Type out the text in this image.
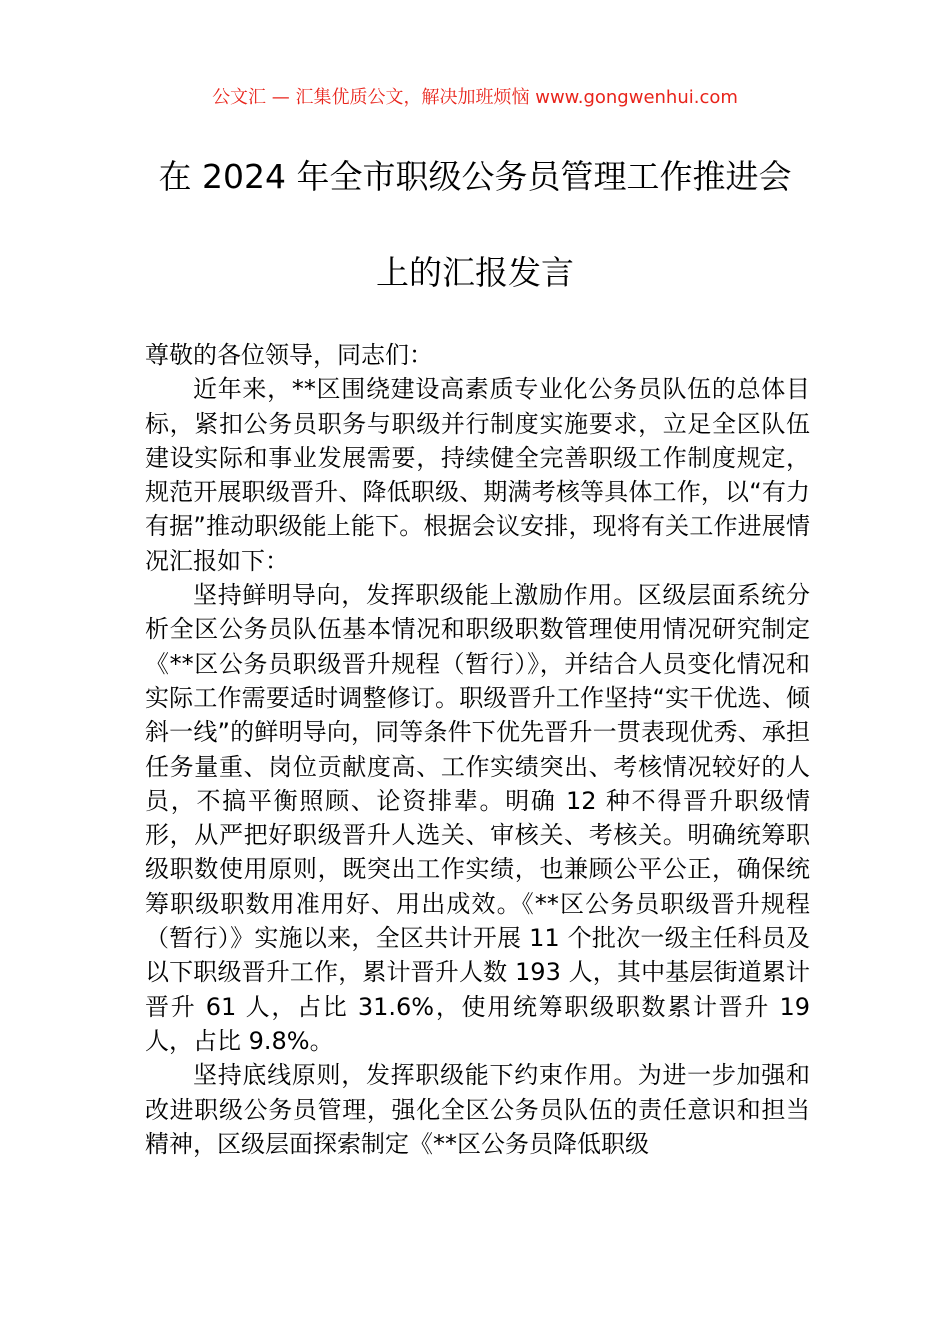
公文汇 — 汇集优质公文，解决加班烦恼 www.gongwenhui.com
在 2024 年全市职级公务员管理工作推进会
上的汇报发言

尊敬的各位领导，同志们：

近年来，**区围绕建设高素质专业化公务员队伍的总体目标，紧扣公务员职务与职级并行制度实施要求，立足全区队伍建设实际和事业发展需要，持续健全完善职级工作制度规定，规范开展职级晋升、降低职级、期满考核等具体工作，以“有力有据”推动职级能上能下。根据会议安排，现将有关工作进展情况汇报如下：

坚持鲜明导向，发挥职级能上激励作用。区级层面系统分析全区公务员队伍基本情况和职级职数管理使用情况研究制定《**区公务员职级晋升规程（暂行）》，并结合人员变化情况和实际工作需要适时调整修订。职级晋升工作坚持“实干优选、倾斜一线”的鲜明导向，同等条件下优先晋升一贯表现优秀、承担任务量重、岗位贡献度高、工作实绩突出、考核情况较好的人员，不搞平衡照顾、论资排辈。明确 12 种不得晋升职级情形，从严把好职级晋升人选关、审核关、考核关。明确统筹职级职数使用原则，既突出工作实绩，也兼顾公平公正，确保统筹职级职数用准用好、用出成效。《**区公务员职级晋升规程（暂行）》实施以来，全区共计开展 11 个批次一级主任科员及以下职级晋升工作，累计晋升人数 193 人，其中基层街道累计晋升 61 人，占比 31.6%，使用统筹职级职数累计晋升 19 人，占比 9.8%。

坚持底线原则，发挥职级能下约束作用。为进一步加强和改进职级公务员管理，强化全区公务员队伍的责任意识和担当精神，区级层面探索制定《**区公务员降低职级
